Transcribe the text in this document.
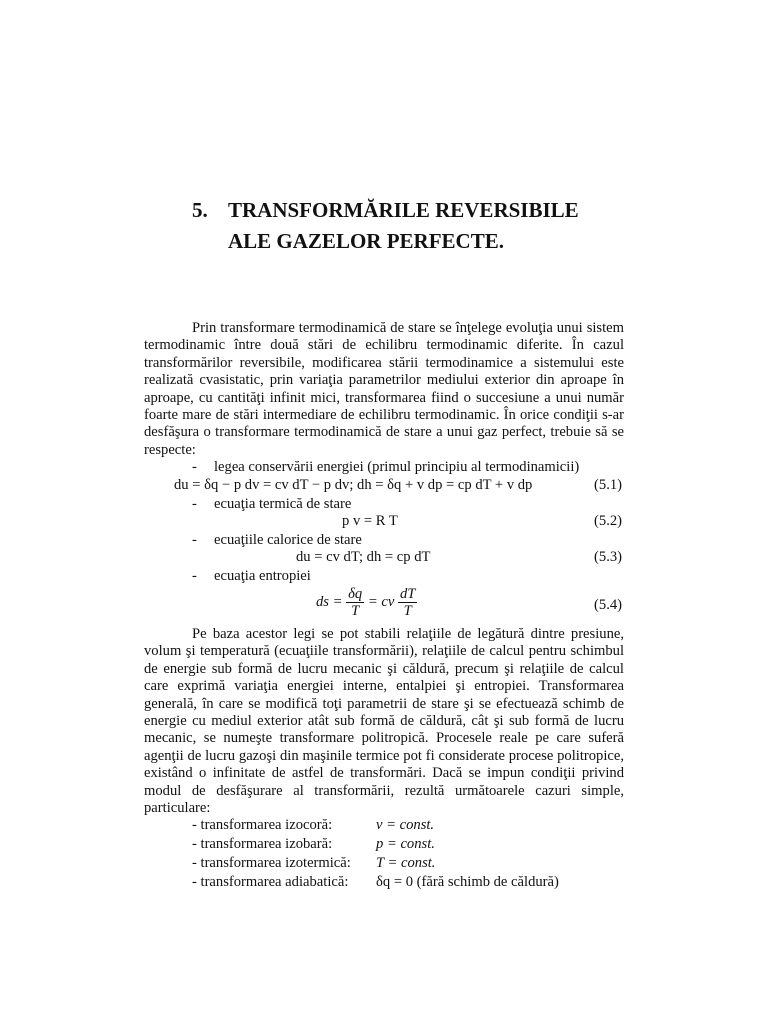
5. TRANSFORMĂRILE REVERSIBILE
ALE GAZELOR PERFECTE.

Prin transformare termodinamică de stare se înţelege evoluţia unui sistem termodinamic între două stări de echilibru termodinamic diferite. În cazul transformărilor reversibile, modificarea stării termodinamice a sistemului este realizată cvasistatic, prin variaţia parametrilor mediului exterior din aproape în aproape, cu cantităţi infinit mici, transformarea fiind o succesiune a unui număr foarte mare de stări intermediare de echilibru termodinamic. În orice condiţii s-ar desfăşura o transformare termodinamică de stare a unui gaz perfect, trebuie să se respecte:

- legea conservării energiei (primul principiu al termodinamicii)
du = δq − p dv = cv dT − p dv; dh = δq + v dp = cp dT + v dp	(5.1)
- ecuaţia termică de stare
p v = R T	(5.2)
- ecuaţiile calorice de stare
du = cv dT; dh = cp dT	(5.3)
- ecuaţia entropiei
ds = $\frac{\delta q}{T}$ = cv $\frac{dT}{T}$	(5.4)

Pe baza acestor legi se pot stabili relaţiile de legătură dintre presiune, volum şi temperatură (ecuaţiile transformării), relaţiile de calcul pentru schimbul de energie sub formă de lucru mecanic şi căldură, precum şi relaţiile de calcul care exprimă variaţia energiei interne, entalpiei şi entropiei. Transformarea generală, în care se modifică toţi parametrii de stare şi se efectuează schimb de energie cu mediul exterior atât sub formă de căldură, cât şi sub formă de lucru mecanic, se numeşte transformare politropică. Procesele reale pe care suferă agenţii de lucru gazoşi din maşinile termice pot fi considerate procese politropice, existând o infinitate de astfel de transformări. Dacă se impun condiţii privind modul de desfăşurare al transformării, rezultă următoarele cazuri simple, particulare:

- transformarea izocoră:	v = const.
- transformarea izobară:	p = const.
- transformarea izotermică: T = const.
- transformarea adiabatică: δq = 0 (fără schimb de căldură)
